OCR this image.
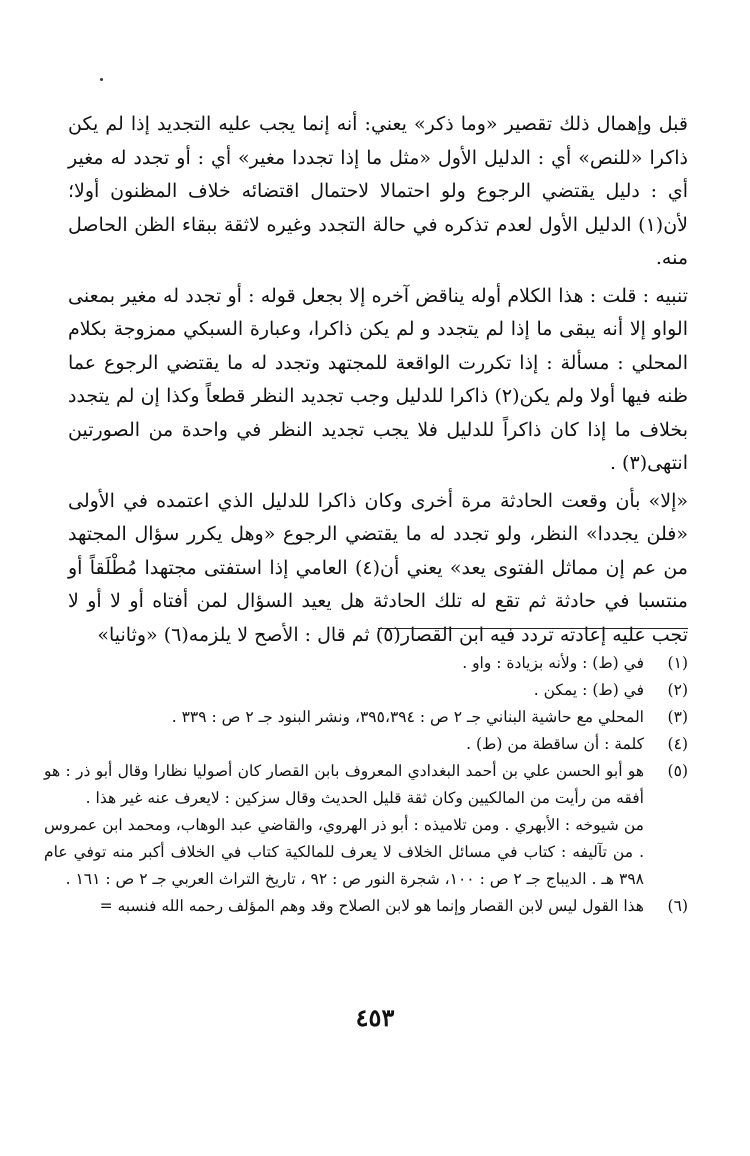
قبل وإهمال ذلك تقصير «وما ذكر» يعني: أنه إنما يجب عليه التجديد إذا لم يكن ذاكرا «للنص» أي : الدليل الأول «مثل ما إذا تجددا مغير» أي : أو تجدد له مغير أي : دليل يقتضي الرجوع ولو احتمالا لاحتمال اقتضائه خلاف المظنون أولا؛ لأن(١) الدليل الأول لعدم تذكره في حالة التجدد وغيره لاثقة ببقاء الظن الحاصل منه.

تنبيه : قلت : هذا الكلام أوله يناقض آخره إلا بجعل قوله : أو تجدد له مغير بمعنى الواو إلا أنه يبقى ما إذا لم يتجدد و لم يكن ذاكرا، وعبارة السبكي ممزوجة بكلام المحلي : مسألة : إذا تكررت الواقعة للمجتهد وتجدد له ما يقتضي الرجوع عما ظنه فيها أولا ولم يكن(٢) ذاكرا للدليل وجب تجديد النظر قطعاً وكذا إن لم يتجدد بخلاف ما إذا كان ذاكراً للدليل فلا يجب تجديد النظر في واحدة من الصورتين انتهى(٣) .

«إلا» بأن وقعت الحادثة مرة أخرى وكان ذاكرا للدليل الذي اعتمده في الأولى «فلن يجددا» النظر، ولو تجدد له ما يقتضي الرجوع «وهل يكرر سؤال المجتهد من عم إن مماثل الفتوى يعد» يعني أن(٤) العامي إذا استفتى مجتهدا مُطْلَقاً أو منتسبا في حادثة ثم تقع له تلك الحادثة هل يعيد السؤال لمن أفتاه أو لا أو لا تجب عليه إعادته تردد فيه ابن القصار(٥) ثم قال : الأصح لا يلزمه(٦) «وثانيا»

(١)
في (ط) : ولأنه بزيادة : واو .
(٢)
في (ط) : يمكن .
(٣)
المحلي مع حاشية البناني جـ ٢ ص : ٣٩٥،٣٩٤، ونشر البنود جـ ٢ ص : ٣٣٩ .
(٤)
كلمة : أن ساقطة من (ط) .
(٥)
هو أبو الحسن علي بن أحمد البغدادي المعروف بابن القصار كان أصوليا نظارا وقال أبو ذر : هو أفقه من رأيت من المالكيين وكان ثقة قليل الحديث وقال سزكين : لايعرف عنه غير هذا .
من شيوخه : الأبهري . ومن تلاميذه : أبو ذر الهروي، والقاضي عبد الوهاب، ومحمد ابن عمروس . من تآليفه : كتاب في مسائل الخلاف لا يعرف للمالكية كتاب في الخلاف أكبر منه توفي عام ٣٩٨ هـ . الديباج جـ ٢ ص : ١٠٠، شجرة النور ص : ٩٢ ، تاريخ التراث العربي جـ ٢ ص : ١٦١ .
(٦)
هذا القول ليس لابن القصار وإنما هو لابن الصلاح وقد وهم المؤلف رحمه الله فنسبه =
٤٥٣
